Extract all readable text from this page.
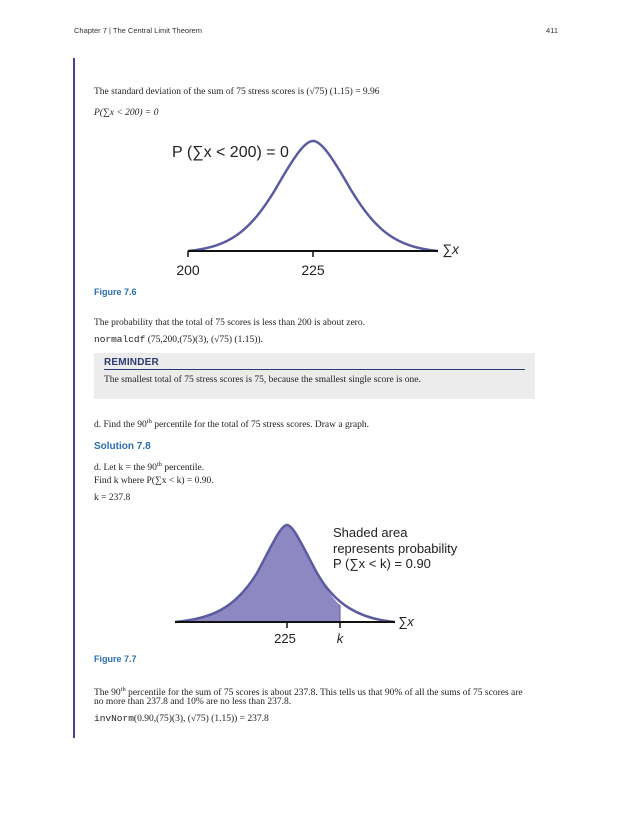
Chapter 7 | The Central Limit Theorem	411
The standard deviation of the sum of 75 stress scores is (√75) (1.15) = 9.96
P(∑x < 200) = 0
200	225
∑x
P (∑x < 200) = 0
Figure 7.6
The probability that the total of 75 scores is less than 200 is about zero.
normalcdf (75,200,(75)(3), (√75) (1.15)).
REMINDER
The smallest total of 75 stress scores is 75, because the smallest single score is one.
d. Find the 90th percentile for the total of 75 stress scores. Draw a graph.
Solution 7.8
d. Let k = the 90th percentile.
Find k where P(∑x < k) = 0.90.
k = 237.8
225	k
∑x
Shaded area
represents probability
P (∑x < k) = 0.90
Figure 7.7
The 90th percentile for the sum of 75 scores is about 237.8. This tells us that 90% of all the sums of 75 scores are
no more than 237.8 and 10% are no less than 237.8.
invNorm(0.90,(75)(3), (√75) (1.15)) = 237.8
